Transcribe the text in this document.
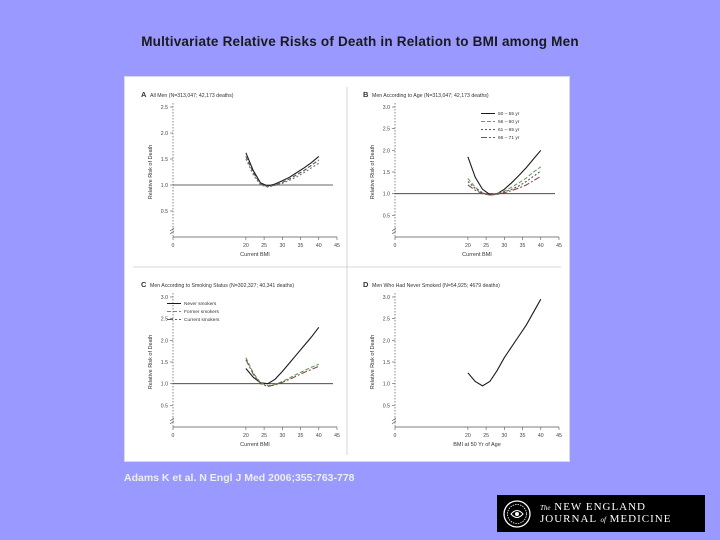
Multivariate Relative Risks of Death in Relation to BMI among Men
A All Men (N=313,047; 42,173 deaths)
0.5
1.0
1.5
2.0
2.5
0	20 25 30 35 40 45
Current BMI
Relative Risk of Death
B Men According to Age (N=313,047; 42,173 deaths)
0.5
1.0
1.5
2.0
2.5
3.0
0	20 25 30 35 40 45
Current BMI
Relative Risk of Death
50 – 55 yr
56 – 60 yr
61 – 65 yr
66 – 71 yr
C Men According to Smoking Status (N=302,327; 40,341 deaths)
0.5
1.0
1.5
2.0
2.5
3.0
0	20 25 30 35 40 45
Current BMI
Relative Risk of Death
Never smokers
Former smokers
Current smokers
D Men Who Had Never Smoked (N=54,925; 4679 deaths)
0.5
1.0
1.5
2.0
2.5
3.0
0	20 25 30 35 40 45
BMI at 50 Yr of Age
Relative Risk of Death
Adams K et al. N Engl J Med 2006;355:763-778
The NEW ENGLAND
JOURNAL of MEDICINE
